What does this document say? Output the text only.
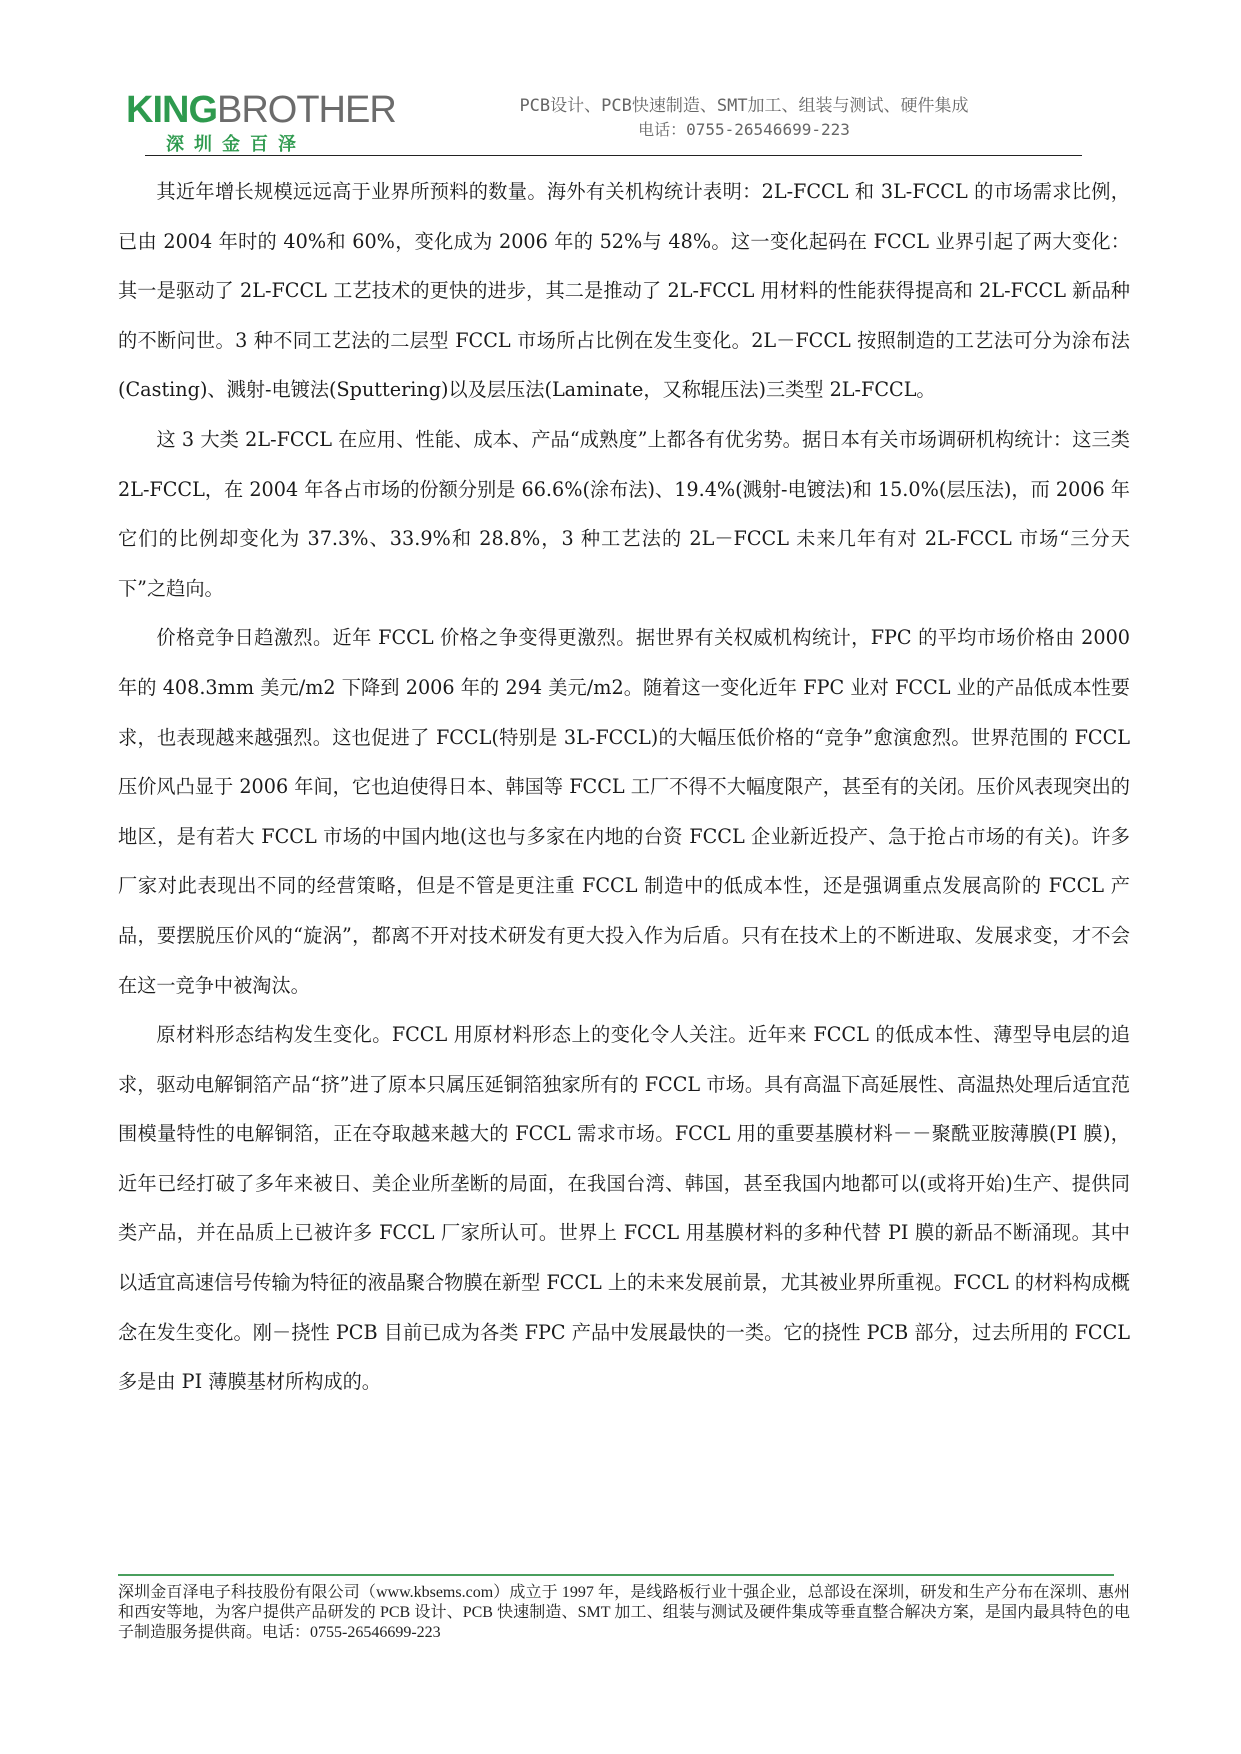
KINGBROTHER
深圳金百泽
PCB设计、PCB快速制造、SMT加工、组装与测试、硬件集成
电话：0755-26546699-223

其近年增长规模远远高于业界所预料的数量。海外有关机构统计表明：2L-FCCL 和 3L-FCCL 的市场需求比例，已由 2004 年时的 40%和 60%，变化成为 2006 年的 52%与 48%。这一变化起码在 FCCL 业界引起了两大变化：其一是驱动了 2L-FCCL 工艺技术的更快的进步，其二是推动了 2L-FCCL 用材料的性能获得提高和 2L-FCCL 新品种的不断问世。3 种不同工艺法的二层型 FCCL 市场所占比例在发生变化。2L－FCCL 按照制造的工艺法可分为涂布法(Casting)、溅射-电镀法(Sputtering)以及层压法(Laminate，又称辊压法)三类型 2L-FCCL。

这 3 大类 2L-FCCL 在应用、性能、成本、产品“成熟度”上都各有优劣势。据日本有关市场调研机构统计：这三类 2L-FCCL，在 2004 年各占市场的份额分别是 66.6%(涂布法)、19.4%(溅射-电镀法)和 15.0%(层压法)，而 2006 年它们的比例却变化为 37.3%、33.9%和 28.8%，3 种工艺法的 2L－FCCL 未来几年有对 2L-FCCL 市场“三分天下”之趋向。

价格竞争日趋激烈。近年 FCCL 价格之争变得更激烈。据世界有关权威机构统计，FPC 的平均市场价格由 2000 年的 408.3mm 美元/m2 下降到 2006 年的 294 美元/m2。随着这一变化近年 FPC 业对 FCCL 业的产品低成本性要求，也表现越来越强烈。这也促进了 FCCL(特别是 3L-FCCL)的大幅压低价格的“竞争”愈演愈烈。世界范围的 FCCL 压价风凸显于 2006 年间，它也迫使得日本、韩国等 FCCL 工厂不得不大幅度限产，甚至有的关闭。压价风表现突出的地区，是有若大 FCCL 市场的中国内地(这也与多家在内地的台资 FCCL 企业新近投产、急于抢占市场的有关)。许多厂家对此表现出不同的经营策略，但是不管是更注重 FCCL 制造中的低成本性，还是强调重点发展高阶的 FCCL 产品，要摆脱压价风的“旋涡”，都离不开对技术研发有更大投入作为后盾。只有在技术上的不断进取、发展求变，才不会在这一竞争中被淘汰。

原材料形态结构发生变化。FCCL 用原材料形态上的变化令人关注。近年来 FCCL 的低成本性、薄型导电层的追求，驱动电解铜箔产品“挤”进了原本只属压延铜箔独家所有的 FCCL 市场。具有高温下高延展性、高温热处理后适宜范围模量特性的电解铜箔，正在夺取越来越大的 FCCL 需求市场。FCCL 用的重要基膜材料－－聚酰亚胺薄膜(PI 膜)，近年已经打破了多年来被日、美企业所垄断的局面，在我国台湾、韩国，甚至我国内地都可以(或将开始)生产、提供同类产品，并在品质上已被许多 FCCL 厂家所认可。世界上 FCCL 用基膜材料的多种代替 PI 膜的新品不断涌现。其中以适宜高速信号传输为特征的液晶聚合物膜在新型 FCCL 上的未来发展前景，尤其被业界所重视。FCCL 的材料构成概念在发生变化。刚－挠性 PCB 目前已成为各类 FPC 产品中发展最快的一类。它的挠性 PCB 部分，过去所用的 FCCL 多是由 PI 薄膜基材所构成的。

深圳金百泽电子科技股份有限公司（www.kbsems.com）成立于 1997 年，是线路板行业十强企业，总部设在深圳，研发和生产分布在深圳、惠州和西安等地，为客户提供产品研发的 PCB 设计、PCB 快速制造、SMT 加工、组装与测试及硬件集成等垂直整合解决方案，是国内最具特色的电子制造服务提供商。电话：0755-26546699-223
